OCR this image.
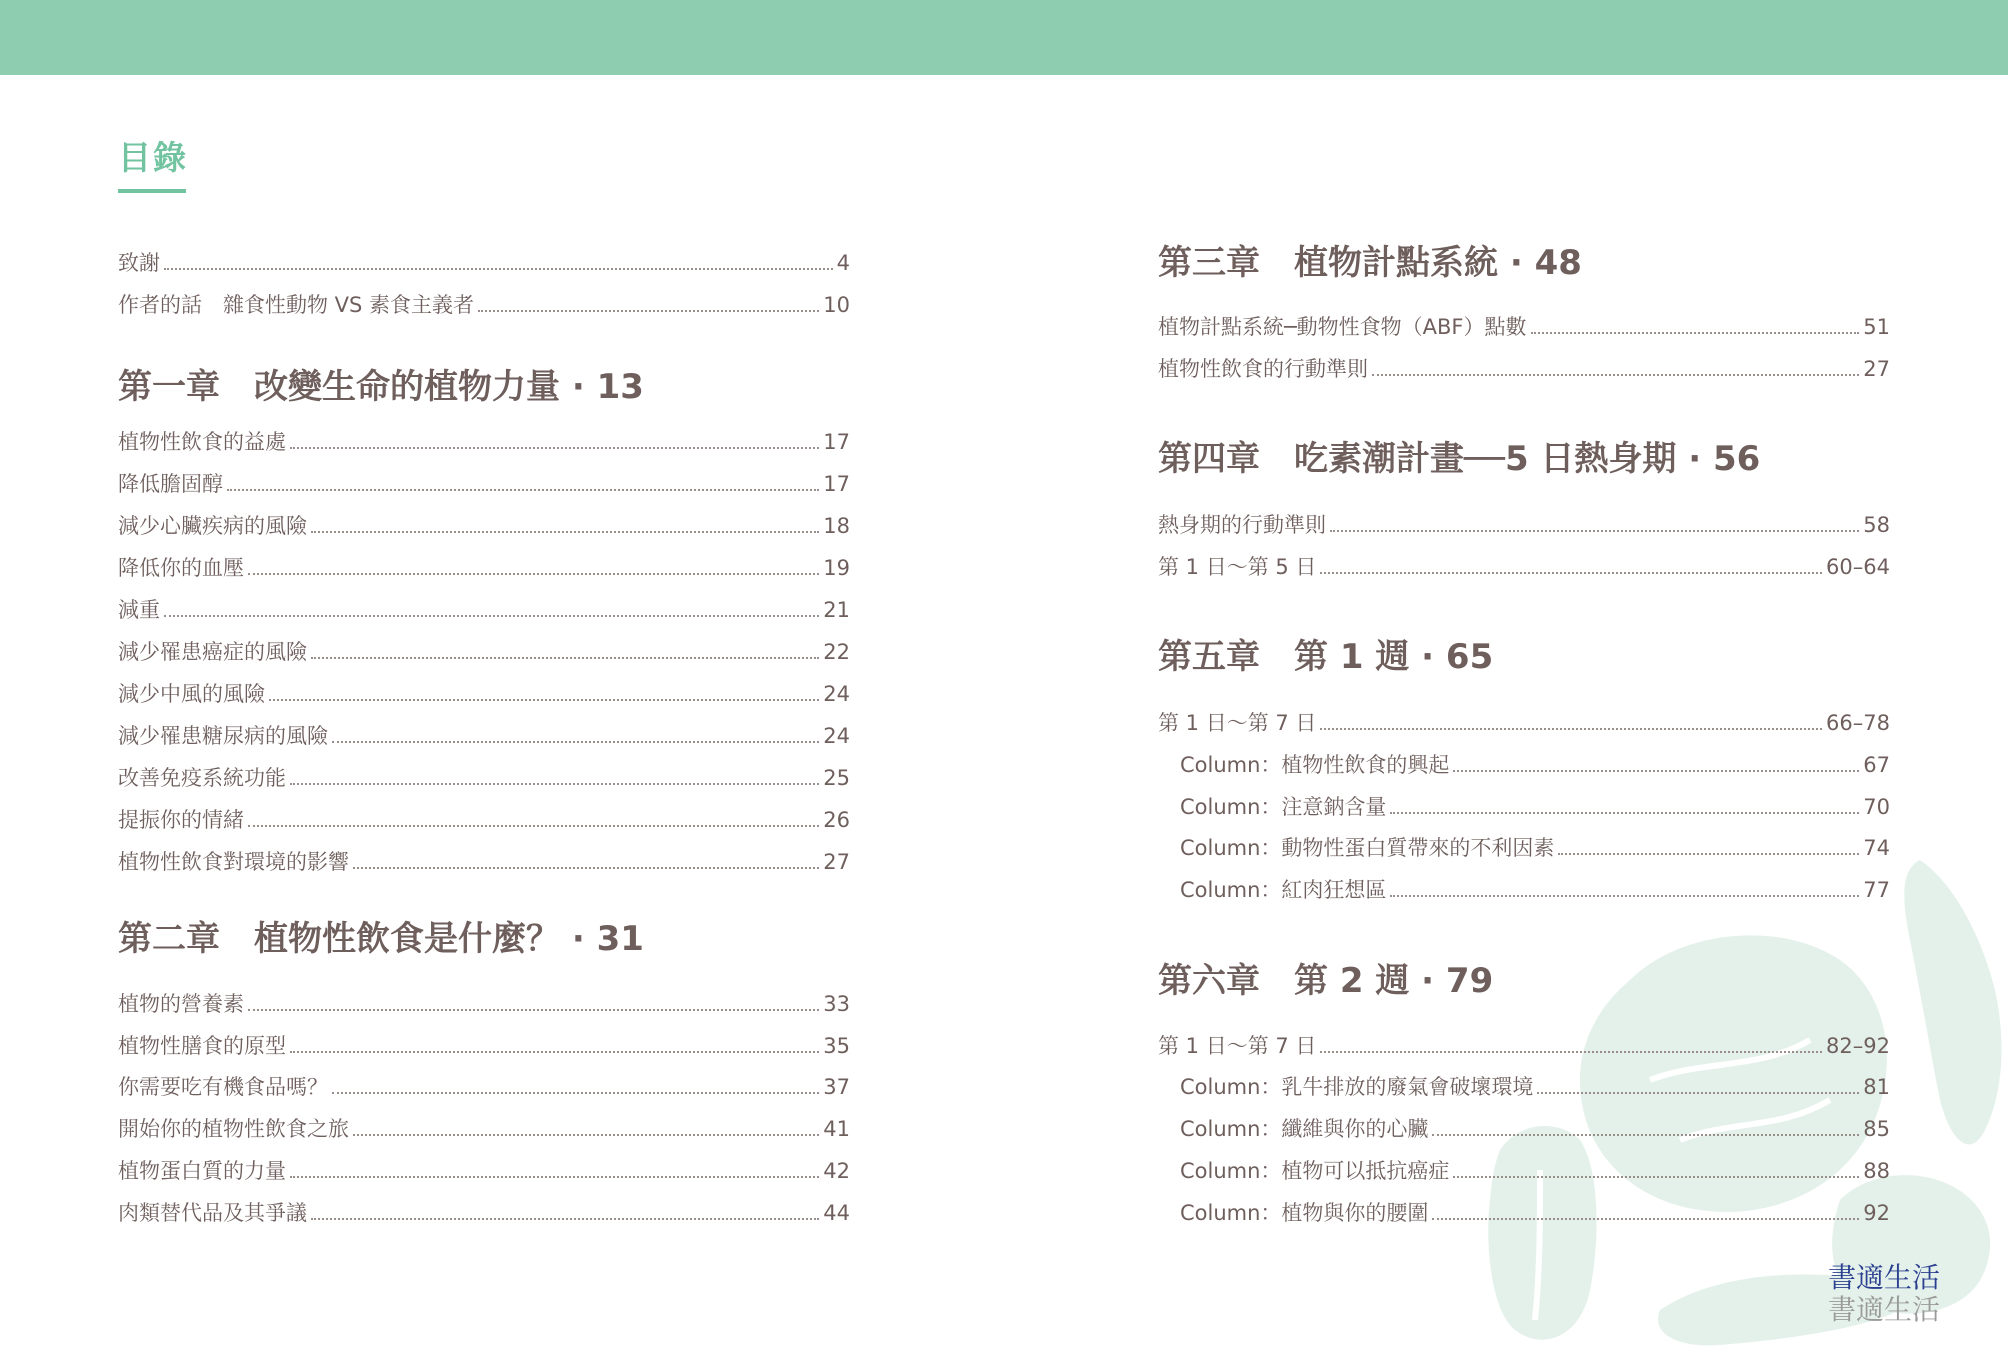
目錄
致謝	4
作者的話　雜食性動物 VS 素食主義者	10
第一章　改變生命的植物力量 · 13
植物性飲食的益處	17
降低膽固醇	17
減少心臟疾病的風險	18
降低你的血壓	19
減重	21
減少罹患癌症的風險	22
減少中風的風險	24
減少罹患糖尿病的風險	24
改善免疫系統功能	25
提振你的情緒	26
植物性飲食對環境的影響	27
第二章　植物性飲食是什麼？ · 31
植物的營養素	33
植物性膳食的原型	35
你需要吃有機食品嗎？	37
開始你的植物性飲食之旅	41
植物蛋白質的力量	42
肉類替代品及其爭議	44
第三章　植物計點系統 · 48
植物計點系統─動物性食物（ABF）點數	51
植物性飲食的行動準則	27
第四章　吃素潮計畫──5 日熱身期 · 56
熱身期的行動準則	58
第 1 日～第 5 日	60–64
第五章　第 1 週 · 65
第 1 日～第 7 日	66–78
Column：植物性飲食的興起	67
Column：注意鈉含量	70
Column：動物性蛋白質帶來的不利因素	74
Column：紅肉狂想區	77
第六章　第 2 週 · 79
第 1 日～第 7 日	82–92
Column：乳牛排放的廢氣會破壞環境	81
Column：纖維與你的心臟	85
Column：植物可以抵抗癌症	88
Column：植物與你的腰圍	92
書適生活
書適生活
